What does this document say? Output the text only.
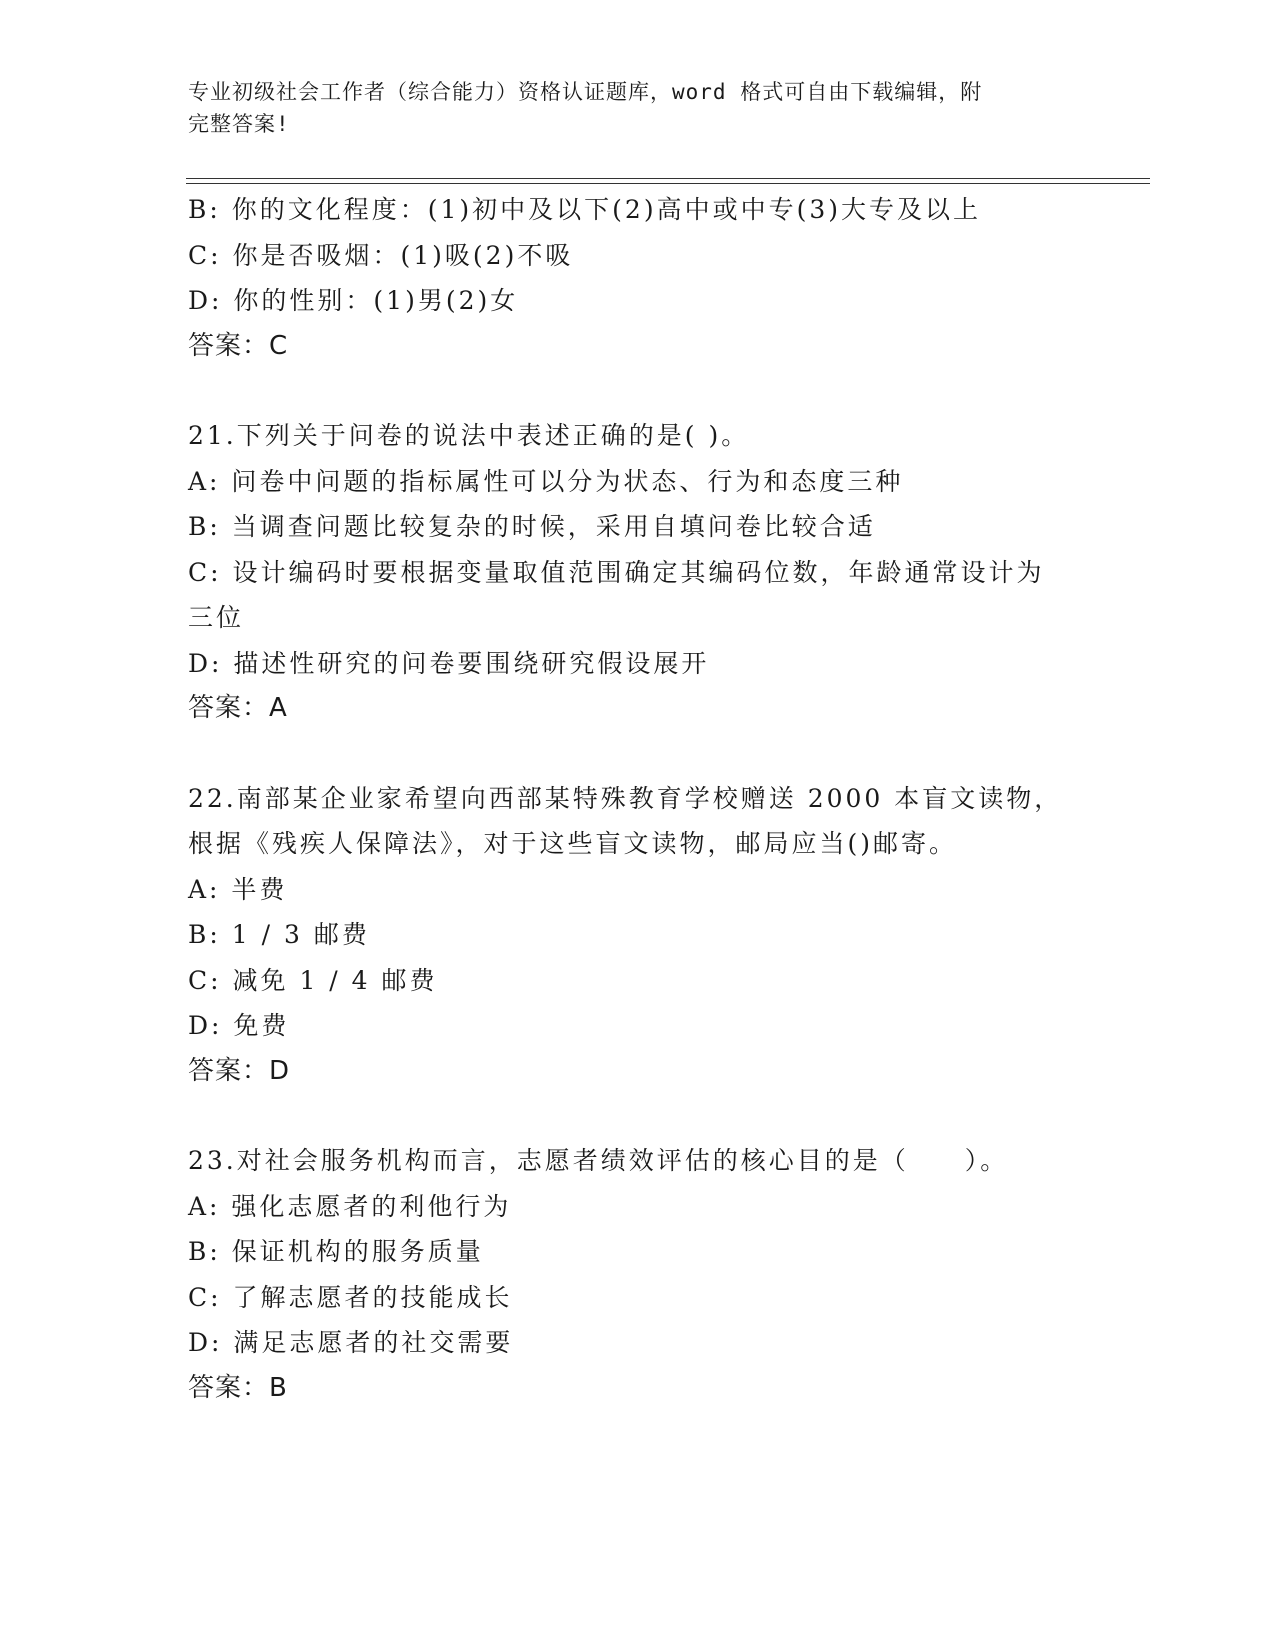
专业初级社会工作者（综合能力）资格认证题库，word 格式可自由下载编辑，附
完整答案!
B: 你的文化程度：(1)初中及以下(2)高中或中专(3)大专及以上
C: 你是否吸烟：(1)吸(2)不吸
D: 你的性别：(1)男(2)女
答案：C
21.下列关于问卷的说法中表述正确的是( )。
A: 问卷中问题的指标属性可以分为状态、行为和态度三种
B: 当调查问题比较复杂的时候，采用自填问卷比较合适
C: 设计编码时要根据变量取值范围确定其编码位数，年龄通常设计为
三位
D: 描述性研究的问卷要围绕研究假设展开
答案：A
22.南部某企业家希望向西部某特殊教育学校赠送 2000 本盲文读物，
根据《残疾人保障法》，对于这些盲文读物，邮局应当()邮寄。
A: 半费
B: 1 / 3 邮费
C: 减免 1 / 4 邮费
D: 免费
答案：D
23.对社会服务机构而言，志愿者绩效评估的核心目的是（　　）。
A: 强化志愿者的利他行为
B: 保证机构的服务质量
C: 了解志愿者的技能成长
D: 满足志愿者的社交需要
答案：B
